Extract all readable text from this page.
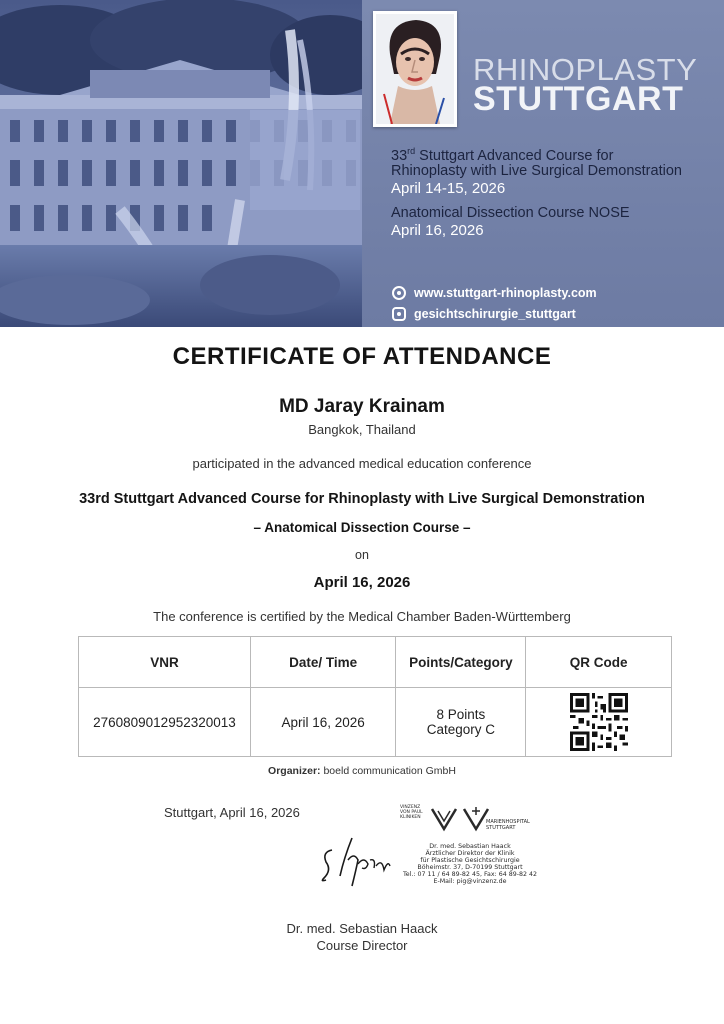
RHINOPLASTY
STUTTGART
33rd Stuttgart Advanced Course for
Rhinoplasty with Live Surgical Demonstration
April 14-15, 2026
Anatomical Dissection Course NOSE
April 16, 2026
www.stuttgart-rhinoplasty.com
gesichtschirurgie_stuttgart
CERTIFICATE OF ATTENDANCE
MD Jaray Krainam
Bangkok, Thailand
participated in the advanced medical education conference
33rd Stuttgart Advanced Course for Rhinoplasty with Live Surgical Demonstration
– Anatomical Dissection Course –
on
April 16, 2026
The conference is certified by the Medical Chamber Baden-Württemberg
VNR	Date/ Time	Points/Category	QR Code
2760809012952320013	April 16, 2026	8 Points
Category C

Organizer: boeld communication GmbH
Stuttgart, April 16, 2026	VINZENZ VON PAUL KLINIKEN
MARIENHOSPITAL STUTTGART
Dr. med. Sebastian Haack
Ärztlicher Direktor der Klinik
für Plastische Gesichtschirurgie
Böheimstr. 37, D-70199 Stuttgart
Tel.: 07 11 / 64 89-82 45, Fax: 64 89-82 42
E-Mail: pig@vinzenz.de
Dr. med. Sebastian Haack
Course Director
